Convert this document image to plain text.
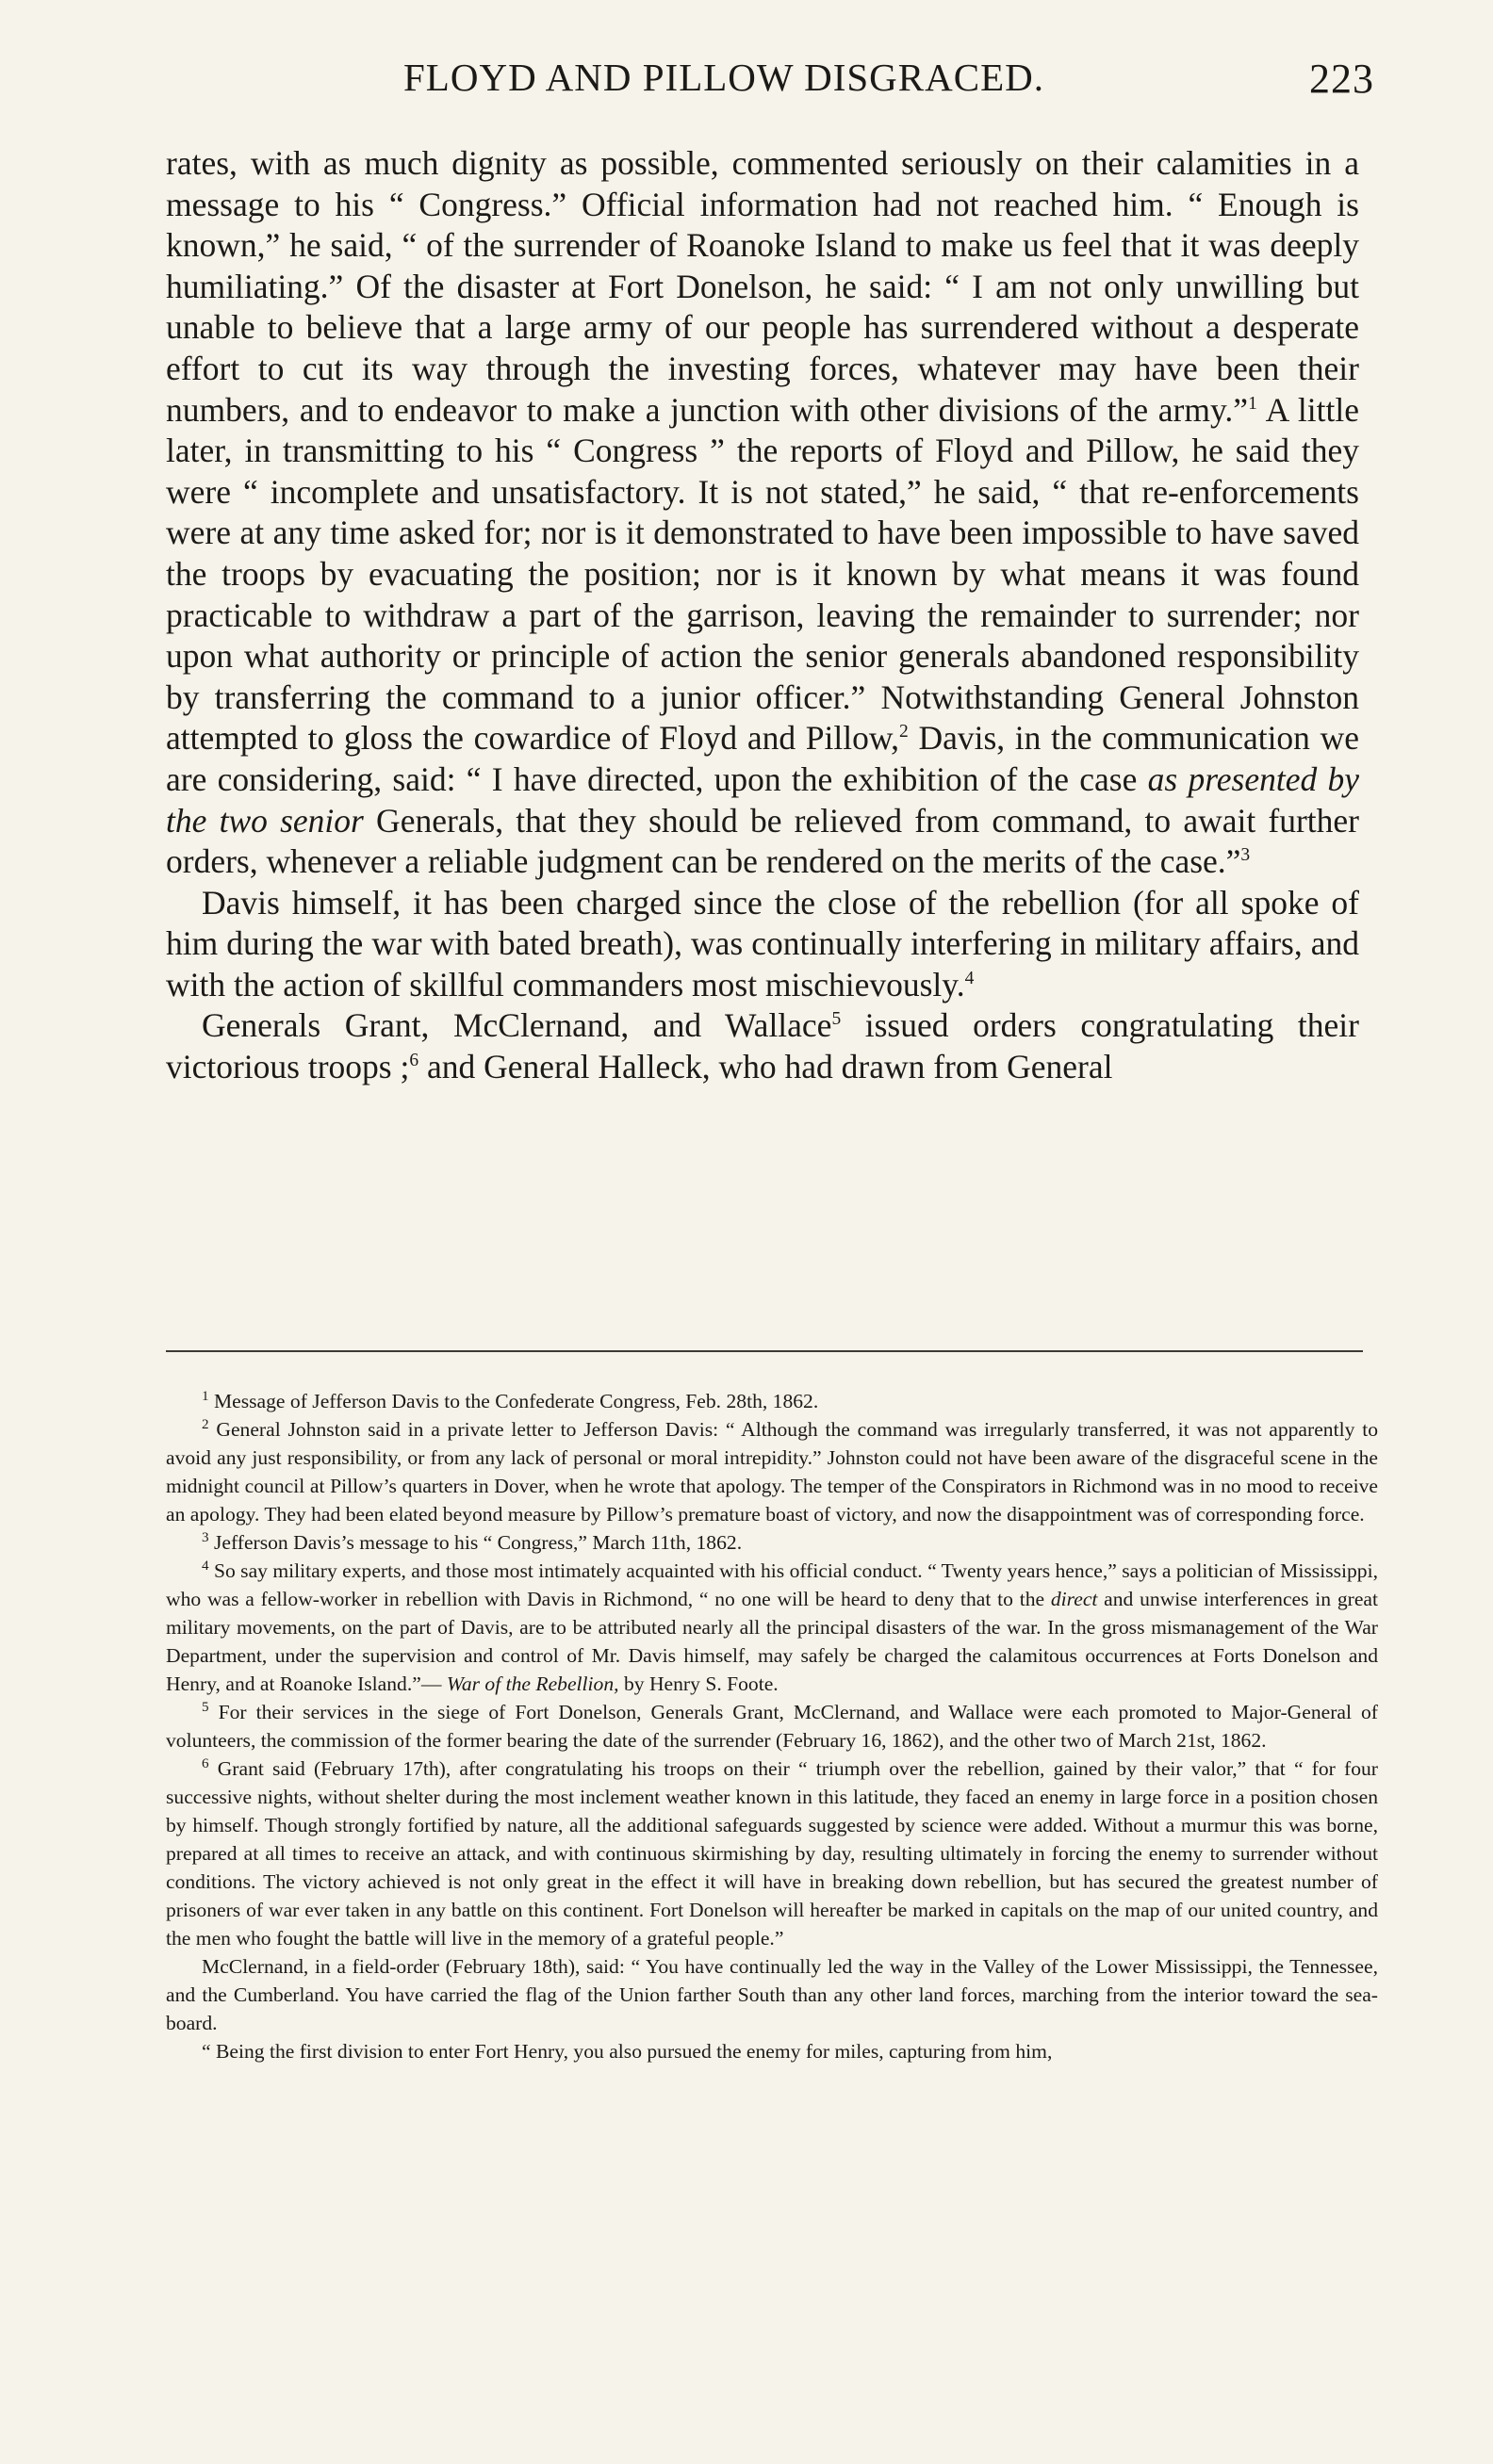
FLOYD AND PILLOW DISGRACED.	223

rates, with as much dignity as possible, commented seriously on their calamities in a message to his “ Congress.” Official information had not reached him. “ Enough is known,” he said, “ of the surrender of Roanoke Island to make us feel that it was deeply humiliating.” Of the disaster at Fort Donelson, he said: “ I am not only unwilling but unable to believe that a large army of our people has surrendered without a desperate effort to cut its way through the investing forces, whatever may have been their numbers, and to endeavor to make a junction with other divisions of the army.”$^1$ A little later, in transmitting to his “ Congress ” the reports of Floyd and Pillow, he said they were “ incomplete and unsatisfactory. It is not stated,” he said, “ that re-enforcements were at any time asked for; nor is it demonstrated to have been impossible to have saved the troops by evacuating the position; nor is it known by what means it was found practicable to withdraw a part of the garrison, leaving the remainder to surrender; nor upon what authority or principle of action the senior generals abandoned responsibility by transferring the command to a junior officer.” Notwithstanding General Johnston attempted to gloss the cowardice of Floyd and Pillow,$^2$ Davis, in the communication we are considering, said: “ I have directed, upon the exhibition of the case as presented by the two senior Generals, that they should be relieved from command, to await further orders, whenever a reliable judgment can be rendered on the merits of the case.”$^3$

Davis himself, it has been charged since the close of the rebellion (for all spoke of him during the war with bated breath), was continually interfering in military affairs, and with the action of skillful commanders most mischievously.$^4$

Generals Grant, McClernand, and Wallace$^5$ issued orders congratulating their victorious troops ;$^6$ and General Halleck, who had drawn from General

$^1$ Message of Jefferson Davis to the Confederate Congress, Feb. 28th, 1862.

$^2$ General Johnston said in a private letter to Jefferson Davis: “ Although the command was irregularly transferred, it was not apparently to avoid any just responsibility, or from any lack of personal or moral intrepidity.” Johnston could not have been aware of the disgraceful scene in the midnight council at Pillow’s quarters in Dover, when he wrote that apology. The temper of the Conspirators in Richmond was in no mood to receive an apology. They had been elated beyond measure by Pillow’s premature boast of victory, and now the disappointment was of corresponding force.

$^3$ Jefferson Davis’s message to his “ Congress,” March 11th, 1862.

$^4$ So say military experts, and those most intimately acquainted with his official conduct. “ Twenty years hence,” says a politician of Mississippi, who was a fellow-worker in rebellion with Davis in Richmond, “ no one will be heard to deny that to the direct and unwise interferences in great military movements, on the part of Davis, are to be attributed nearly all the principal disasters of the war. In the gross mismanagement of the War Department, under the supervision and control of Mr. Davis himself, may safely be charged the calamitous occurrences at Forts Donelson and Henry, and at Roanoke Island.”— War of the Rebellion, by Henry S. Foote.

$^5$ For their services in the siege of Fort Donelson, Generals Grant, McClernand, and Wallace were each promoted to Major-General of volunteers, the commission of the former bearing the date of the surrender (February 16, 1862), and the other two of March 21st, 1862.

$^6$ Grant said (February 17th), after congratulating his troops on their “ triumph over the rebellion, gained by their valor,” that “ for four successive nights, without shelter during the most inclement weather known in this latitude, they faced an enemy in large force in a position chosen by himself. Though strongly fortified by nature, all the additional safeguards suggested by science were added. Without a murmur this was borne, prepared at all times to receive an attack, and with continuous skirmishing by day, resulting ultimately in forcing the enemy to surrender without conditions. The victory achieved is not only great in the effect it will have in breaking down rebellion, but has secured the greatest number of prisoners of war ever taken in any battle on this continent. Fort Donelson will hereafter be marked in capitals on the map of our united country, and the men who fought the battle will live in the memory of a grateful people.”

McClernand, in a field-order (February 18th), said: “ You have continually led the way in the Valley of the Lower Mississippi, the Tennessee, and the Cumberland. You have carried the flag of the Union farther South than any other land forces, marching from the interior toward the sea-board.

“ Being the first division to enter Fort Henry, you also pursued the enemy for miles, capturing from him,
